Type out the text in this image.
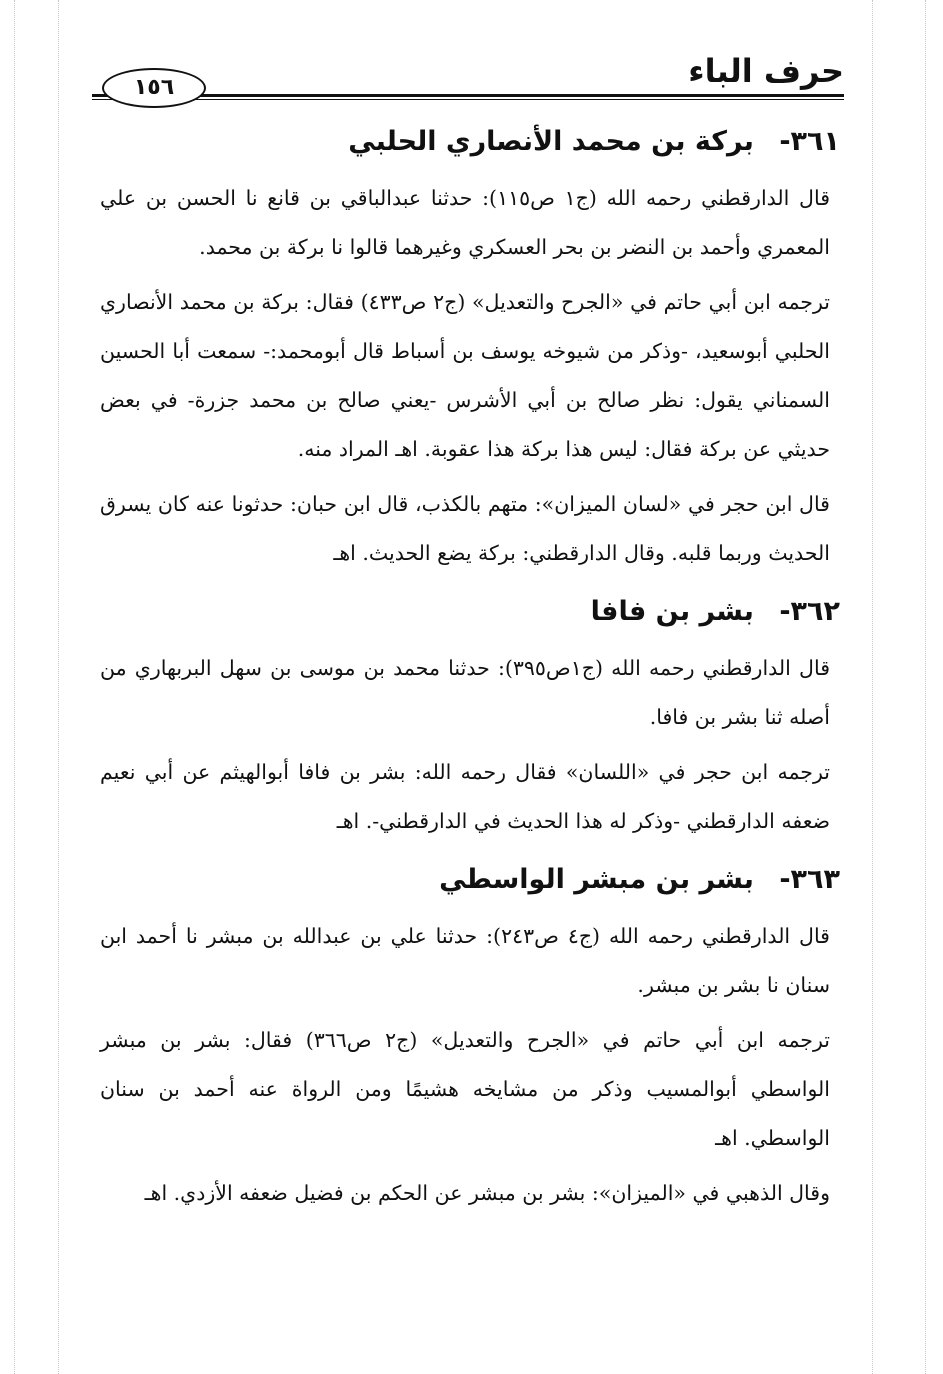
حرف الباء
١٥٦
٣٦١- بركة بن محمد الأنصاري الحلبي

قال الدارقطني رحمه الله (ج١ ص١١٥): حدثنا عبدالباقي بن قانع نا الحسن بن علي المعمري وأحمد بن النضر بن بحر العسكري وغيرهما قالوا نا بركة بن محمد.

ترجمه ابن أبي حاتم في «الجرح والتعديل» (ج٢ ص٤٣٣) فقال: بركة بن محمد الأنصاري الحلبي أبوسعيد، -وذكر من شيوخه يوسف بن أسباط قال أبومحمد:- سمعت أبا الحسين السمناني يقول: نظر صالح بن أبي الأشرس -يعني صالح بن محمد جزرة- في بعض حديثي عن بركة فقال: ليس هذا بركة هذا عقوبة. اهـ المراد منه.

قال ابن حجر في «لسان الميزان»: متهم بالكذب، قال ابن حبان: حدثونا عنه كان يسرق الحديث وربما قلبه. وقال الدارقطني: بركة يضع الحديث. اهـ

٣٦٢- بشر بن فافا

قال الدارقطني رحمه الله (ج١ص٣٩٥): حدثنا محمد بن موسى بن سهل البربهاري من أصله ثنا بشر بن فافا.

ترجمه ابن حجر في «اللسان» فقال رحمه الله: بشر بن فافا أبوالهيثم عن أبي نعيم ضعفه الدارقطني -وذكر له هذا الحديث في الدارقطني-. اهـ

٣٦٣- بشر بن مبشر الواسطي

قال الدارقطني رحمه الله (ج٤ ص٢٤٣): حدثنا علي بن عبدالله بن مبشر نا أحمد ابن سنان نا بشر بن مبشر.

ترجمه ابن أبي حاتم في «الجرح والتعديل» (ج٢ ص٣٦٦) فقال: بشر بن مبشر الواسطي أبوالمسيب وذكر من مشايخه هشيمًا ومن الرواة عنه أحمد بن سنان الواسطي. اهـ

وقال الذهبي في «الميزان»: بشر بن مبشر عن الحكم بن فضيل ضعفه الأزدي. اهـ
